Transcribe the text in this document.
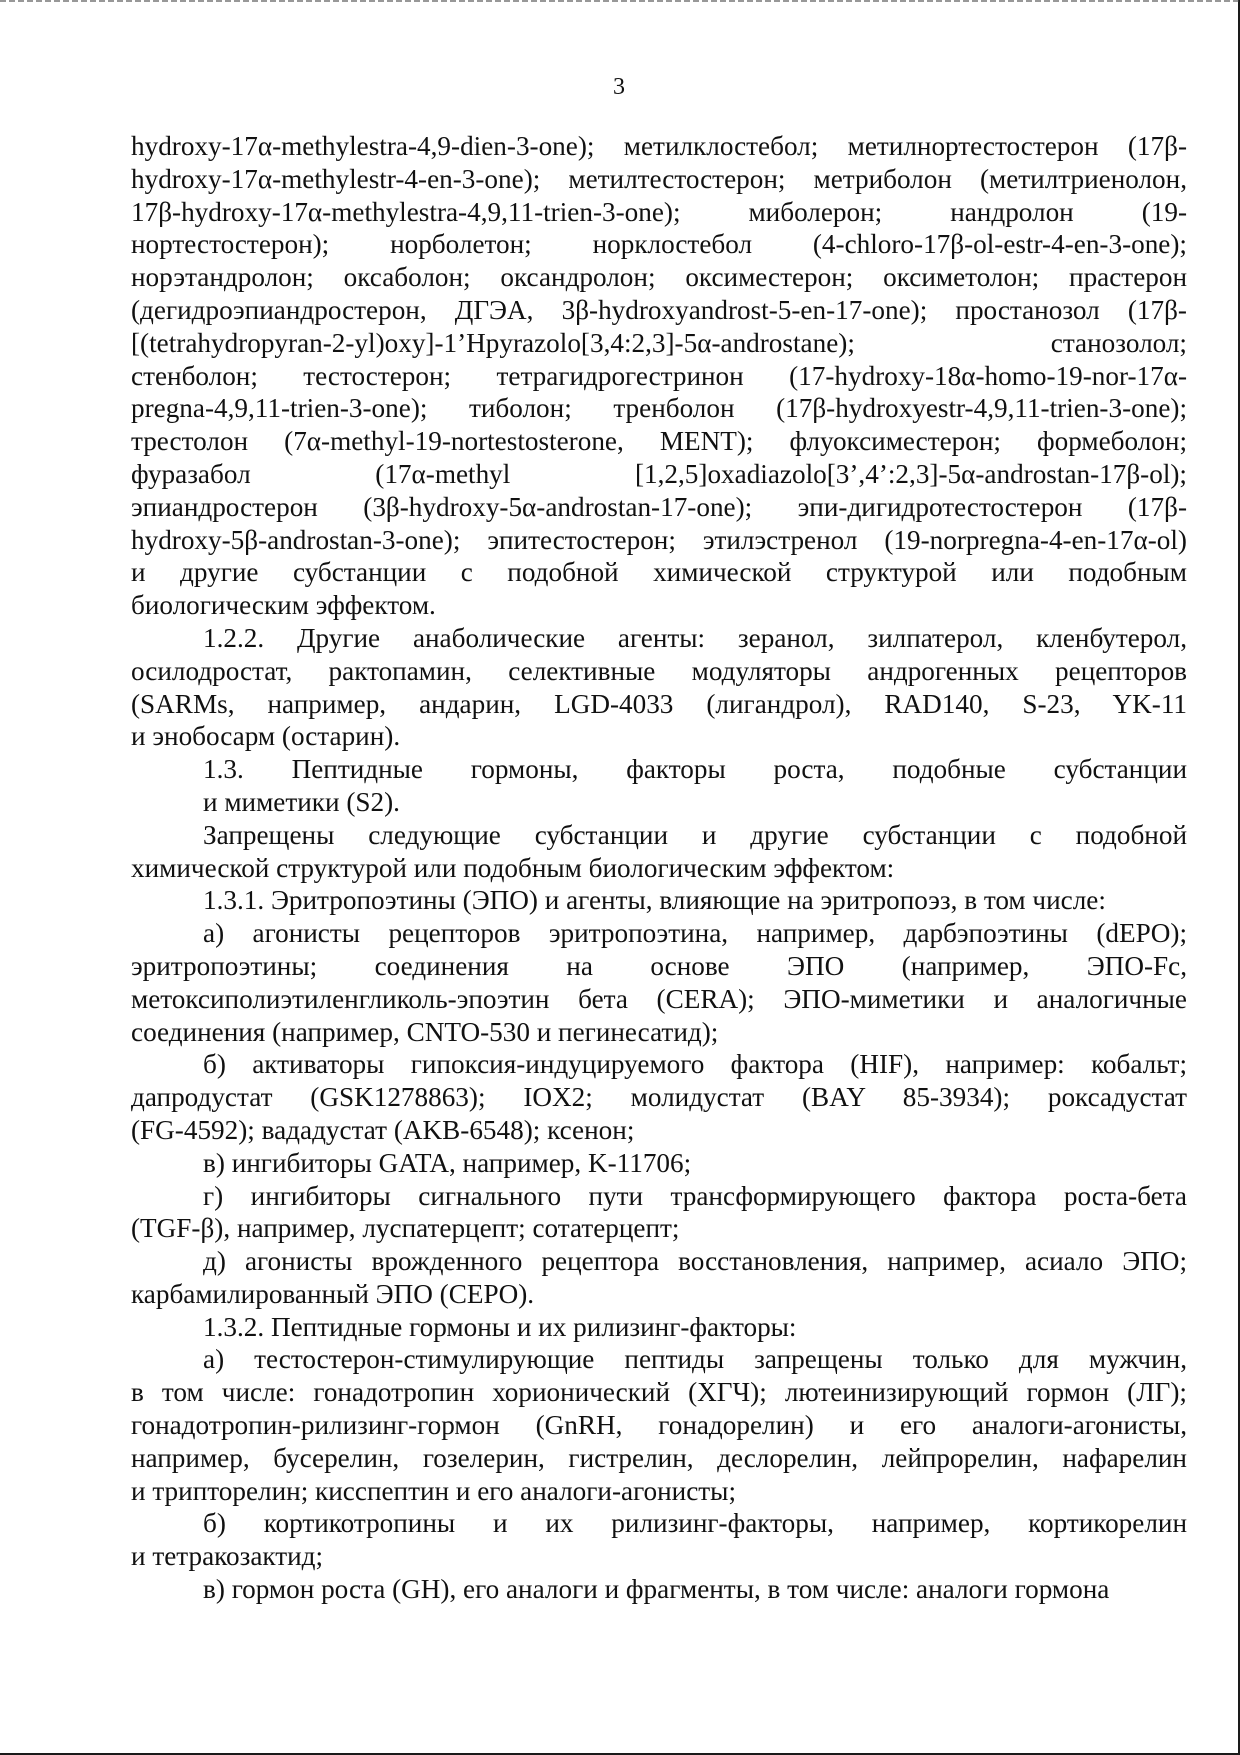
3

hydroxy-17α-methylestra-4,9-dien-3-one); метилклостебол; метилнортестостерон (17β-

hydroxy-17α-methylestr-4-en-3-one); метилтестостерон; метриболон (метилтриенолон,

17β-hydroxy-17α-methylestra-4,9,11-trien-3-one); миболерон; нандролон (19-

нортестостерон); норболетон; норклостебол (4-chloro-17β-ol-estr-4-en-3-one);

норэтандролон; оксаболон; оксандролон; оксиместерон; оксиметолон; прастерон

(дегидроэпиандростерон, ДГЭА, 3β-hydroxyandrost-5-en-17-one); простанозол (17β-

[(tetrahydropyran-2-yl)oxy]-1’Hpyrazolo[3,4:2,3]-5α-androstane); станозолол;

стенболон; тестостерон; тетрагидрогестринон (17-hydroxy-18α-homo-19-nor-17α-

pregna-4,9,11-trien-3-one); тиболон; тренболон (17β-hydroxyestr-4,9,11-trien-3-one);

трестолон (7α-methyl-19-nortestosterone, MENT); флуоксиместерон; формеболон;

фуразабол (17α-methyl [1,2,5]oxadiazolo[3’,4’:2,3]-5α-androstan-17β-ol);

эпиандростерон (3β-hydroxy-5α-androstan-17-one); эпи-дигидротестостерон (17β-

hydroxy-5β-androstan-3-one); эпитестостерон; этилэстренол (19-norpregna-4-en-17α-ol)

и другие субстанции с подобной химической структурой или подобным

биологическим эффектом.

1.2.2. Другие анаболические агенты: зеранол, зилпатерол, кленбутерол,

осилодростат, рактопамин, селективные модуляторы андрогенных рецепторов

(SARMs, например, андарин, LGD-4033 (лигандрол), RAD140, S-23, YK-11

и энобосарм (остарин).

1.3. Пептидные гормоны, факторы роста, подобные субстанции

и миметики (S2).

Запрещены следующие субстанции и другие субстанции с подобной

химической структурой или подобным биологическим эффектом:

1.3.1. Эритропоэтины (ЭПО) и агенты, влияющие на эритропоэз, в том числе:

а) агонисты рецепторов эритропоэтина, например, дарбэпоэтины (dEPO);

эритропоэтины; соединения на основе ЭПО (например, ЭПО-Fc,

метоксиполиэтиленгликоль-эпоэтин бета (CERA); ЭПО-миметики и аналогичные

соединения (например, CNTO-530 и пегинесатид);

б) активаторы гипоксия-индуцируемого фактора (HIF), например: кобальт;

дапродустат (GSK1278863); IOX2; молидустат (BAY 85-3934); роксадустат

(FG-4592); вададустат (AKB-6548); ксенон;

в) ингибиторы GATA, например, K-11706;

г) ингибиторы сигнального пути трансформирующего фактора роста-бета

(TGF-β), например, луспатерцепт; сотатерцепт;

д) агонисты врожденного рецептора восстановления, например, асиало ЭПО;

карбамилированный ЭПО (CEPO).

1.3.2. Пептидные гормоны и их рилизинг-факторы:

а) тестостерон-стимулирующие пептиды запрещены только для мужчин,

в том числе: гонадотропин хорионический (ХГЧ); лютеинизирующий гормон (ЛГ);

гонадотропин-рилизинг-гормон (GnRH, гонадорелин) и его аналоги-агонисты,

например, бусерелин, гозелерин, гистрелин, деслорелин, лейпрорелин, нафарелин

и трипторелин; кисспептин и его аналоги-агонисты;

б) кортикотропины и их рилизинг-факторы, например, кортикорелин

и тетракозактид;

в) гормон роста (GH), его аналоги и фрагменты, в том числе: аналоги гормона
